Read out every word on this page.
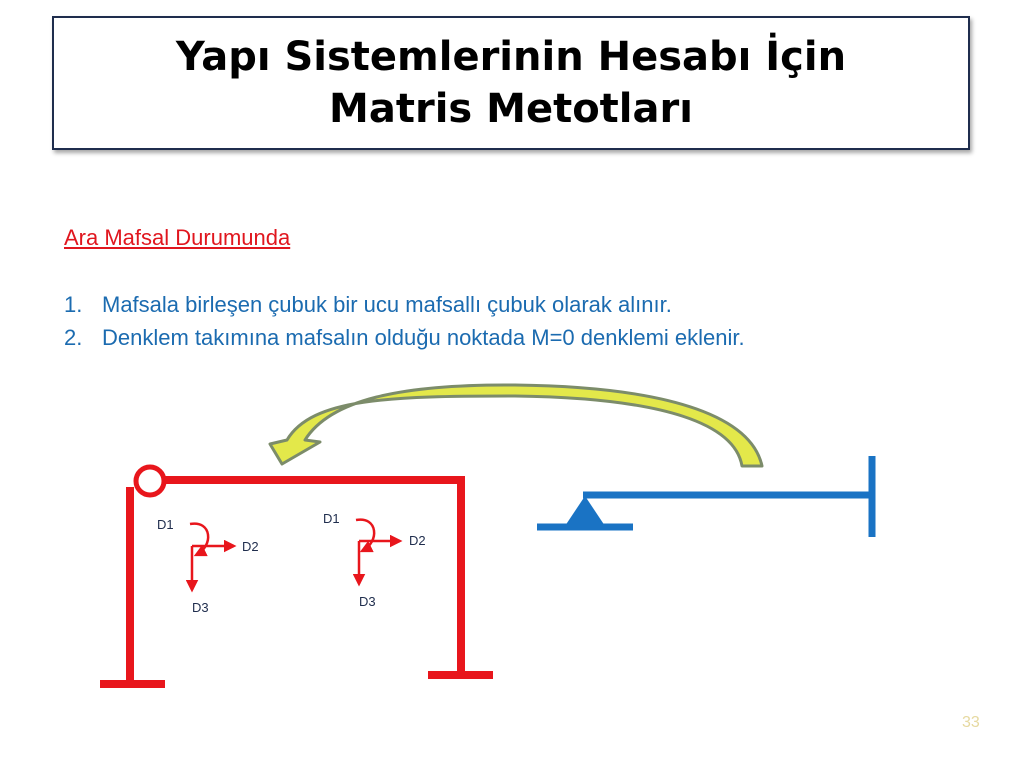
Yapı Sistemlerinin Hesabı İçin
Matris Metotları
Ara Mafsal Durumunda
1. Mafsala birleşen çubuk bir ucu mafsallı çubuk olarak alınır.
2. Denklem takımına mafsalın olduğu noktada M=0 denklemi eklenir.
D1
D2
D3
D1
D2
D3
33
